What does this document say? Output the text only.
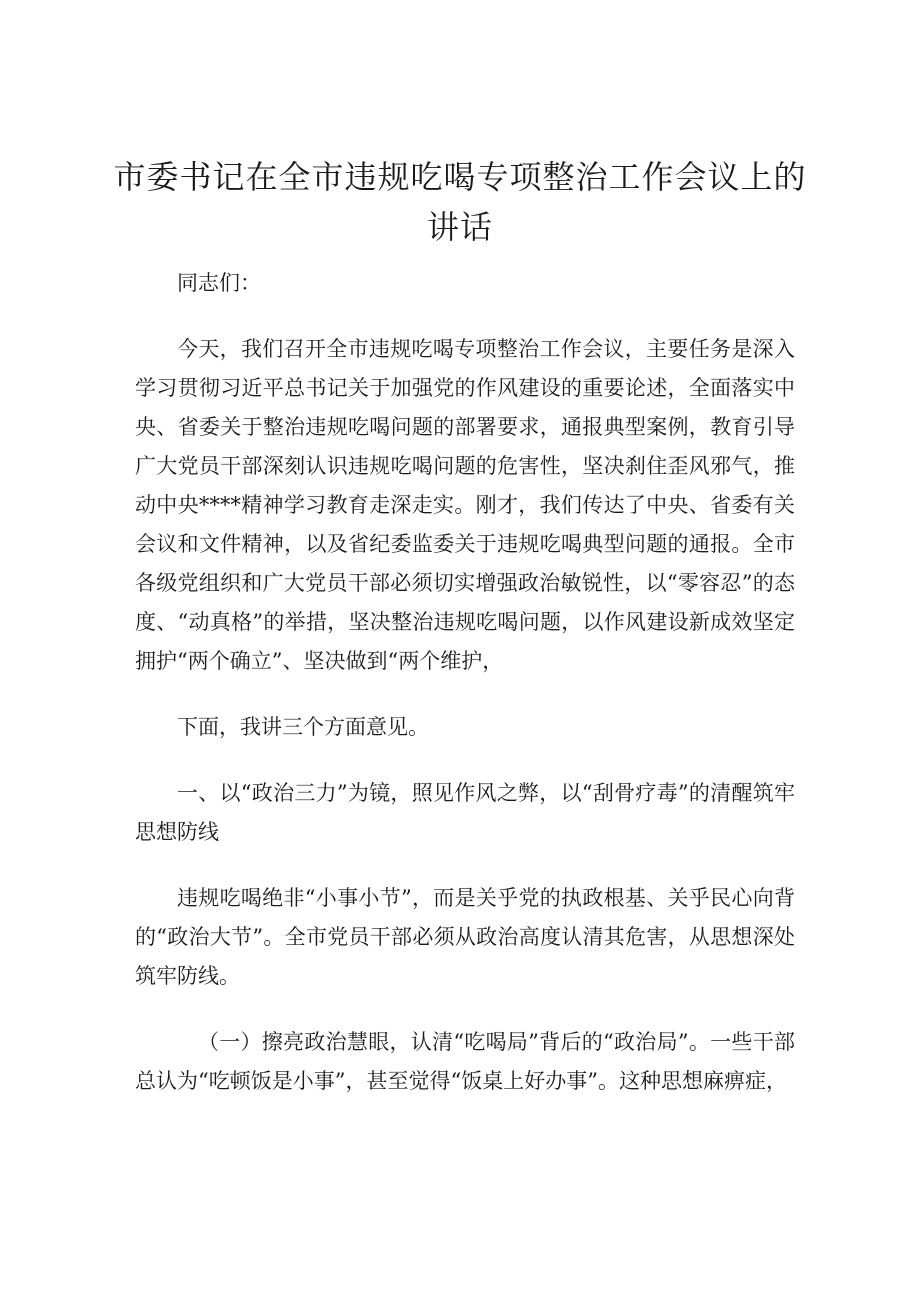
市委书记在全市违规吃喝专项整治工作会议上的讲话

同志们：

今天，我们召开全市违规吃喝专项整治工作会议，主要任务是深入学习贯彻习近平总书记关于加强党的作风建设的重要论述，全面落实中央、省委关于整治违规吃喝问题的部署要求，通报典型案例，教育引导广大党员干部深刻认识违规吃喝问题的危害性，坚决刹住歪风邪气，推动中央****精神学习教育走深走实。刚才，我们传达了中央、省委有关会议和文件精神，以及省纪委监委关于违规吃喝典型问题的通报。全市各级党组织和广大党员干部必须切实增强政治敏锐性，以“零容忍”的态度、“动真格”的举措，坚决整治违规吃喝问题，以作风建设新成效坚定拥护“两个确立”、坚决做到“两个维护，

下面，我讲三个方面意见。

一、以“政治三力”为镜，照见作风之弊，以“刮骨疗毒”的清醒筑牢思想防线

违规吃喝绝非“小事小节”，而是关乎党的执政根基、关乎民心向背的“政治大节”。全市党员干部必须从政治高度认清其危害，从思想深处筑牢防线。

（一）擦亮政治慧眼，认清“吃喝局”背后的“政治局”。一些干部总认为“吃顿饭是小事”，甚至觉得“饭桌上好办事”。这种思想麻痹症，
